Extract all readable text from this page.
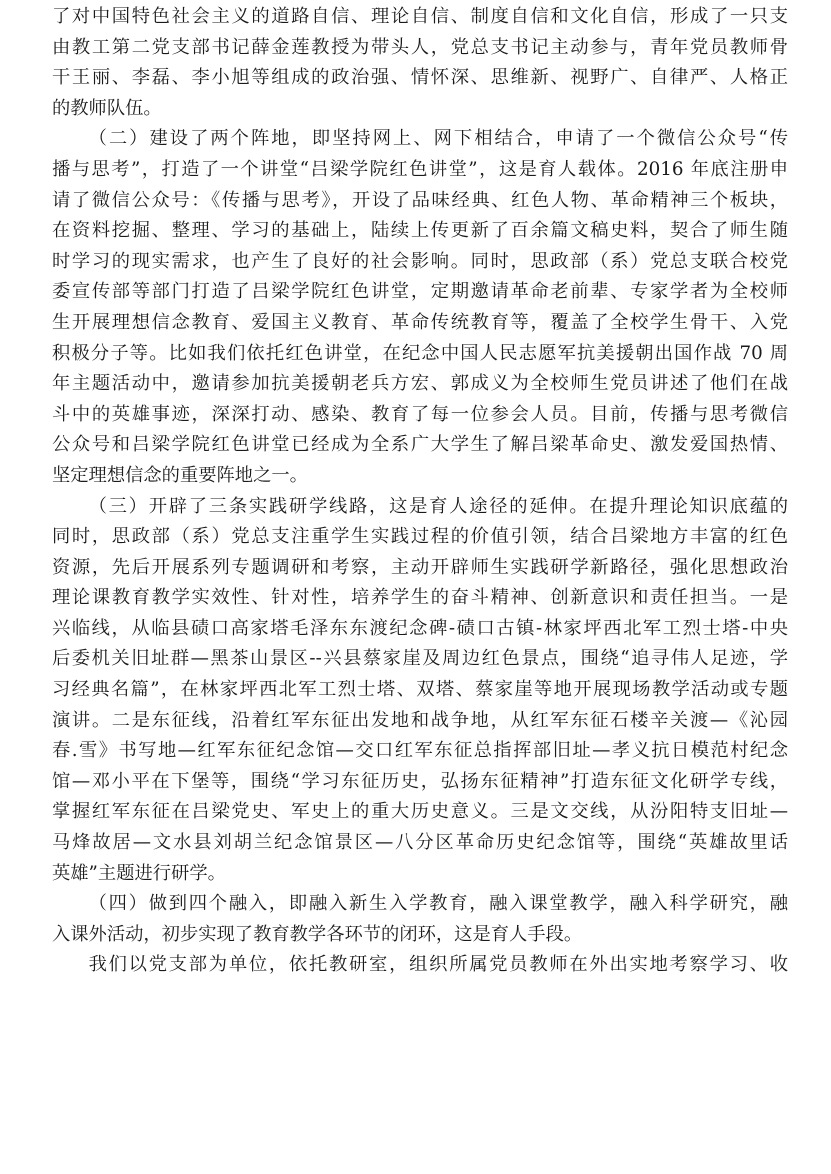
了对中国特色社会主义的道路自信、理论自信、制度自信和文化自信，形成了一只支
由教工第二党支部书记薛金莲教授为带头人，党总支书记主动参与，青年党员教师骨
干王丽、李磊、李小旭等组成的政治强、情怀深、思维新、视野广、自律严、人格正
的教师队伍。
（二）建设了两个阵地，即坚持网上、网下相结合，申请了一个微信公众号“传
播与思考”，打造了一个讲堂“吕梁学院红色讲堂”，这是育人载体。2016 年底注册申
请了微信公众号：《传播与思考》，开设了品味经典、红色人物、革命精神三个板块，
在资料挖掘、整理、学习的基础上，陆续上传更新了百余篇文稿史料，契合了师生随
时学习的现实需求，也产生了良好的社会影响。同时，思政部（系）党总支联合校党
委宣传部等部门打造了吕梁学院红色讲堂，定期邀请革命老前辈、专家学者为全校师
生开展理想信念教育、爱国主义教育、革命传统教育等，覆盖了全校学生骨干、入党
积极分子等。比如我们依托红色讲堂，在纪念中国人民志愿军抗美援朝出国作战 70 周
年主题活动中，邀请参加抗美援朝老兵方宏、郭成义为全校师生党员讲述了他们在战
斗中的英雄事迹，深深打动、感染、教育了每一位参会人员。目前，传播与思考微信
公众号和吕梁学院红色讲堂已经成为全系广大学生了解吕梁革命史、激发爱国热情、
坚定理想信念的重要阵地之一。
（三）开辟了三条实践研学线路，这是育人途径的延伸。在提升理论知识底蕴的
同时，思政部（系）党总支注重学生实践过程的价值引领，结合吕梁地方丰富的红色
资源，先后开展系列专题调研和考察，主动开辟师生实践研学新路径，强化思想政治
理论课教育教学实效性、针对性，培养学生的奋斗精神、创新意识和责任担当。一是
兴临线，从临县碛口高家塔毛泽东东渡纪念碑-碛口古镇-林家坪西北军工烈士塔-中央
后委机关旧址群—黑茶山景区--兴县蔡家崖及周边红色景点，围绕“追寻伟人足迹，学
习经典名篇”，在林家坪西北军工烈士塔、双塔、蔡家崖等地开展现场教学活动或专题
演讲。二是东征线，沿着红军东征出发地和战争地，从红军东征石楼辛关渡—《沁园
春.雪》书写地—红军东征纪念馆—交口红军东征总指挥部旧址—孝义抗日模范村纪念
馆—邓小平在下堡等，围绕“学习东征历史，弘扬东征精神”打造东征文化研学专线，
掌握红军东征在吕梁党史、军史上的重大历史意义。三是文交线，从汾阳特支旧址—
马烽故居—文水县刘胡兰纪念馆景区—八分区革命历史纪念馆等，围绕“英雄故里话
英雄”主题进行研学。
（四）做到四个融入，即融入新生入学教育，融入课堂教学，融入科学研究，融
入课外活动，初步实现了教育教学各环节的闭环，这是育人手段。
我们以党支部为单位，依托教研室，组织所属党员教师在外出实地考察学习、收
